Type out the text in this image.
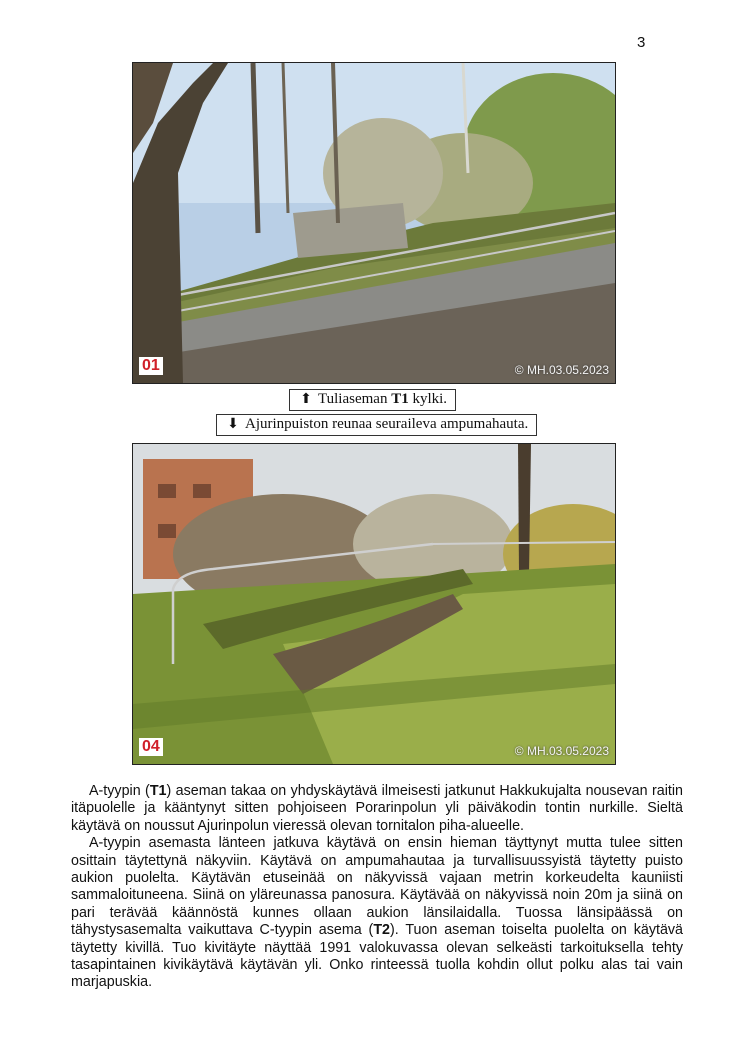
3
01	© MH.03.05.2023
⬆ Tuliaseman T1 kylki.
⬇ Ajurinpuiston reunaa seuraileva ampumahauta.
04	© MH.03.05.2023

A-tyypin (T1) aseman takaa on yhdyskäytävä ilmeisesti jatkunut Hakkukujalta nousevan raitin itäpuolelle ja kääntynyt sitten pohjoiseen Porarinpolun yli päiväkodin tontin nurkille. Sieltä käytävä on noussut Ajurinpolun vieressä olevan tornitalon piha-alueelle.

A-tyypin asemasta länteen jatkuva käytävä on ensin hieman täyttynyt mutta tulee sitten osittain täytettynä näkyviin. Käytävä on ampumahautaa ja turvallisuussyistä täytetty puisto aukion puolelta. Käytävän etuseinää on näkyvissä vajaan metrin korkeudelta kauniisti sammaloituneena. Siinä on yläreunassa panosura. Käytävää on näkyvissä noin 20m ja siinä on pari terävää käännöstä kunnes ollaan aukion länsilaidalla. Tuossa länsipäässä on tähystysasemalta vaikuttava C-tyypin asema (T2). Tuon aseman toiselta puolelta on käytävä täytetty kivillä. Tuo kivitäyte näyttää 1991 valokuvassa olevan selkeästi tarkoituksella tehty tasapintainen kivikäytävä käytävän yli. Onko rinteessä tuolla kohdin ollut polku alas tai vain marjapuskia.
